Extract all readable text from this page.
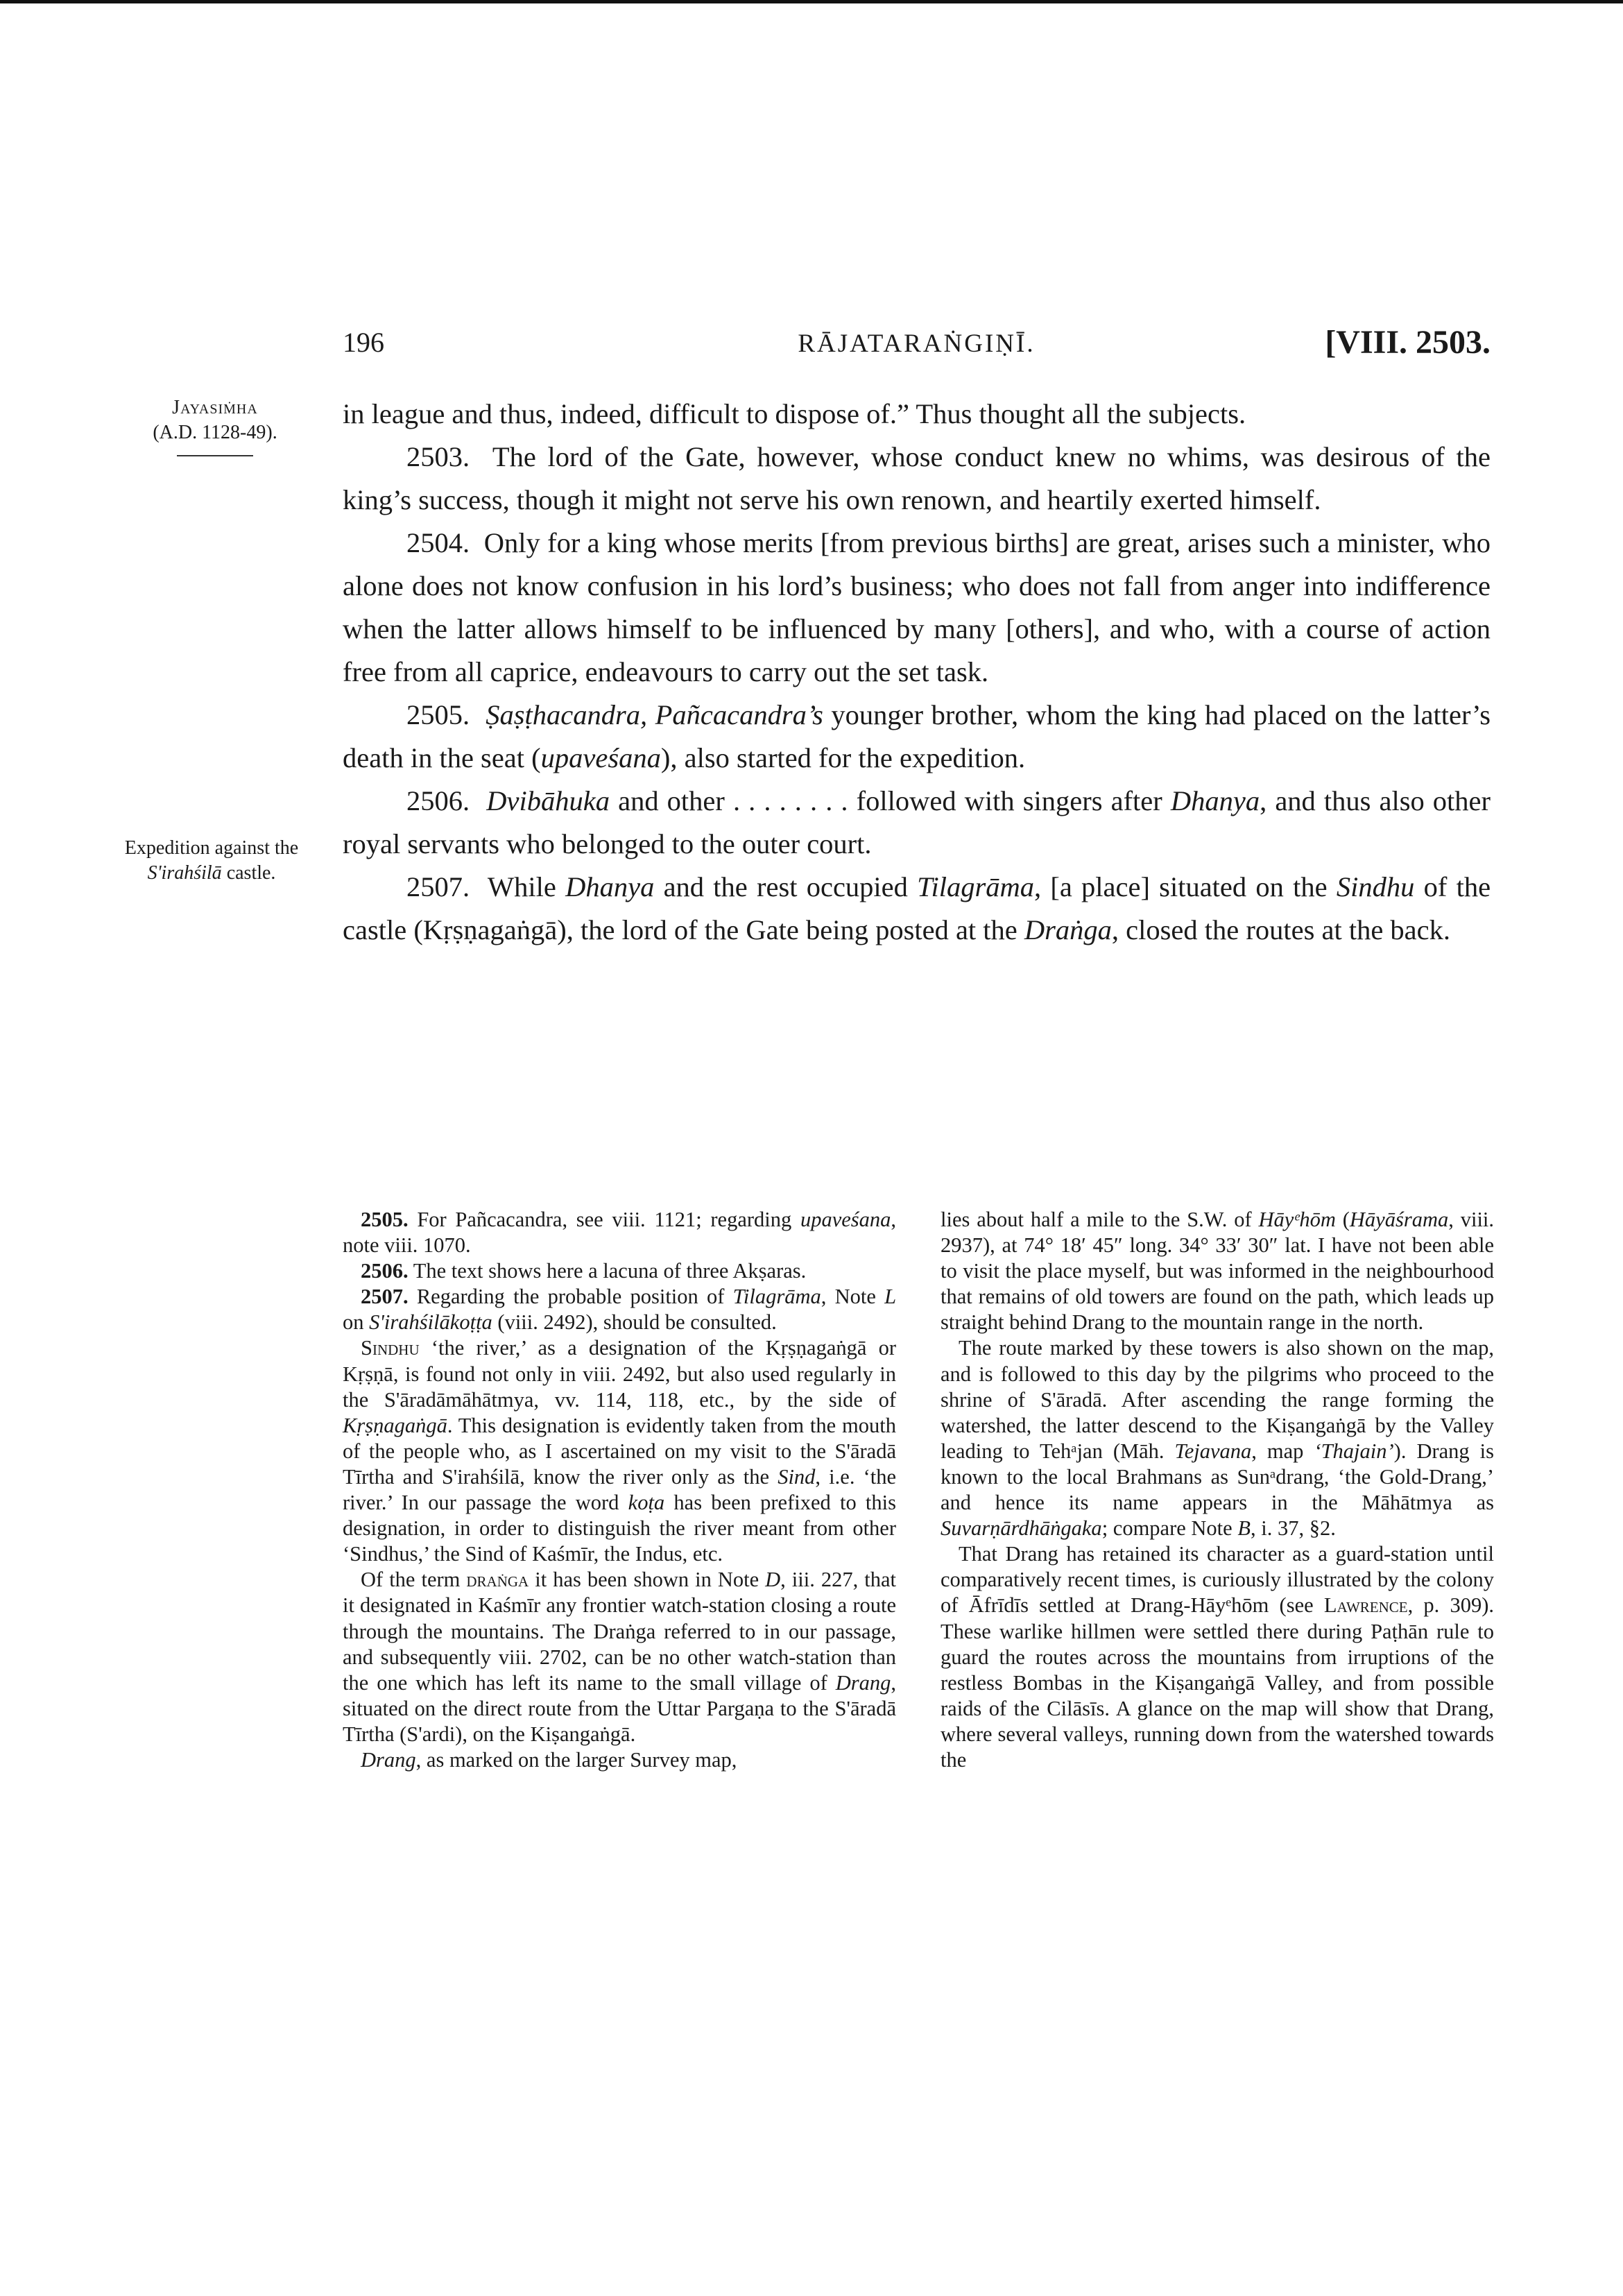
196	RĀJATARAṄGIṆĪ.	[VIII. 2503.
Jayasiṁha
(A.D. 1128-49).
Expedition against the
S'irahśilā castle.

in league and thus, indeed, difficult to dispose of.” Thus thought all the subjects.

2503. The lord of the Gate, however, whose conduct knew no whims, was desirous of the king’s success, though it might not serve his own renown, and heartily exerted himself.

2504. Only for a king whose merits [from previous births] are great, arises such a minister, who alone does not know confusion in his lord’s business; who does not fall from anger into indifference when the latter allows himself to be influenced by many [others], and who, with a course of action free from all caprice, endeavours to carry out the set task.

2505. Ṣaṣṭhacandra, Pañcacandra’s younger brother, whom the king had placed on the latter’s death in the seat (upaveśana), also started for the expedition.

2506. Dvibāhuka and other . . . . . . . . followed with singers after Dhanya, and thus also other royal servants who belonged to the outer court.

2507. While Dhanya and the rest occupied Tilagrāma, [a place] situated on the Sindhu of the castle (Kṛṣṇagaṅgā), the lord of the Gate being posted at the Draṅga, closed the routes at the back.

2505. For Pañcacandra, see viii. 1121; regarding upaveśana, note viii. 1070.

2506. The text shows here a lacuna of three Akṣaras.

2507. Regarding the probable position of Tilagrāma, Note L on S'irahśilākoṭṭa (viii. 2492), should be consulted.

Sindhu ‘the river,’ as a designation of the Kṛṣṇagaṅgā or Kṛṣṇā, is found not only in viii. 2492, but also used regularly in the S'āradāmāhātmya, vv. 114, 118, etc., by the side of Kṛṣṇagaṅgā. This designation is evidently taken from the mouth of the people who, as I ascertained on my visit to the S'āradā Tīrtha and S'irahśilā, know the river only as the Sind, i.e. ‘the river.’ In our passage the word koṭa has been prefixed to this designation, in order to distinguish the river meant from other ‘Sindhus,’ the Sind of Kaśmīr, the Indus, etc.

Of the term draṅga it has been shown in Note D, iii. 227, that it designated in Kaśmīr any frontier watch-station closing a route through the mountains. The Draṅga referred to in our passage, and subsequently viii. 2702, can be no other watch-station than the one which has left its name to the small village of Drang, situated on the direct route from the Uttar Pargaṇa to the S'āradā Tīrtha (S'ardi), on the Kiṣangaṅgā.

Drang, as marked on the larger Survey map,

lies about half a mile to the S.W. of Hāyᵉhōm (Hāyāśrama, viii. 2937), at 74° 18′ 45″ long. 34° 33′ 30″ lat. I have not been able to visit the place myself, but was informed in the neighbourhood that remains of old towers are found on the path, which leads up straight behind Drang to the mountain range in the north.

The route marked by these towers is also shown on the map, and is followed to this day by the pilgrims who proceed to the shrine of S'āradā. After ascending the range forming the watershed, the latter descend to the Kiṣangaṅgā by the Valley leading to Tehᵃjan (Māh. Tejavana, map ‘Thajain’). Drang is known to the local Brahmans as Sunᵃdrang, ‘the Gold-Drang,’ and hence its name appears in the Māhātmya as Suvarṇārdhāṅgaka; compare Note B, i. 37, §2.

That Drang has retained its character as a guard-station until comparatively recent times, is curiously illustrated by the colony of Āfrīdīs settled at Drang-Hāyᵉhōm (see Lawrence, p. 309). These warlike hillmen were settled there during Paṭhān rule to guard the routes across the mountains from irruptions of the restless Bombas in the Kiṣangaṅgā Valley, and from possible raids of the Cilāsīs. A glance on the map will show that Drang, where several valleys, running down from the watershed towards the
